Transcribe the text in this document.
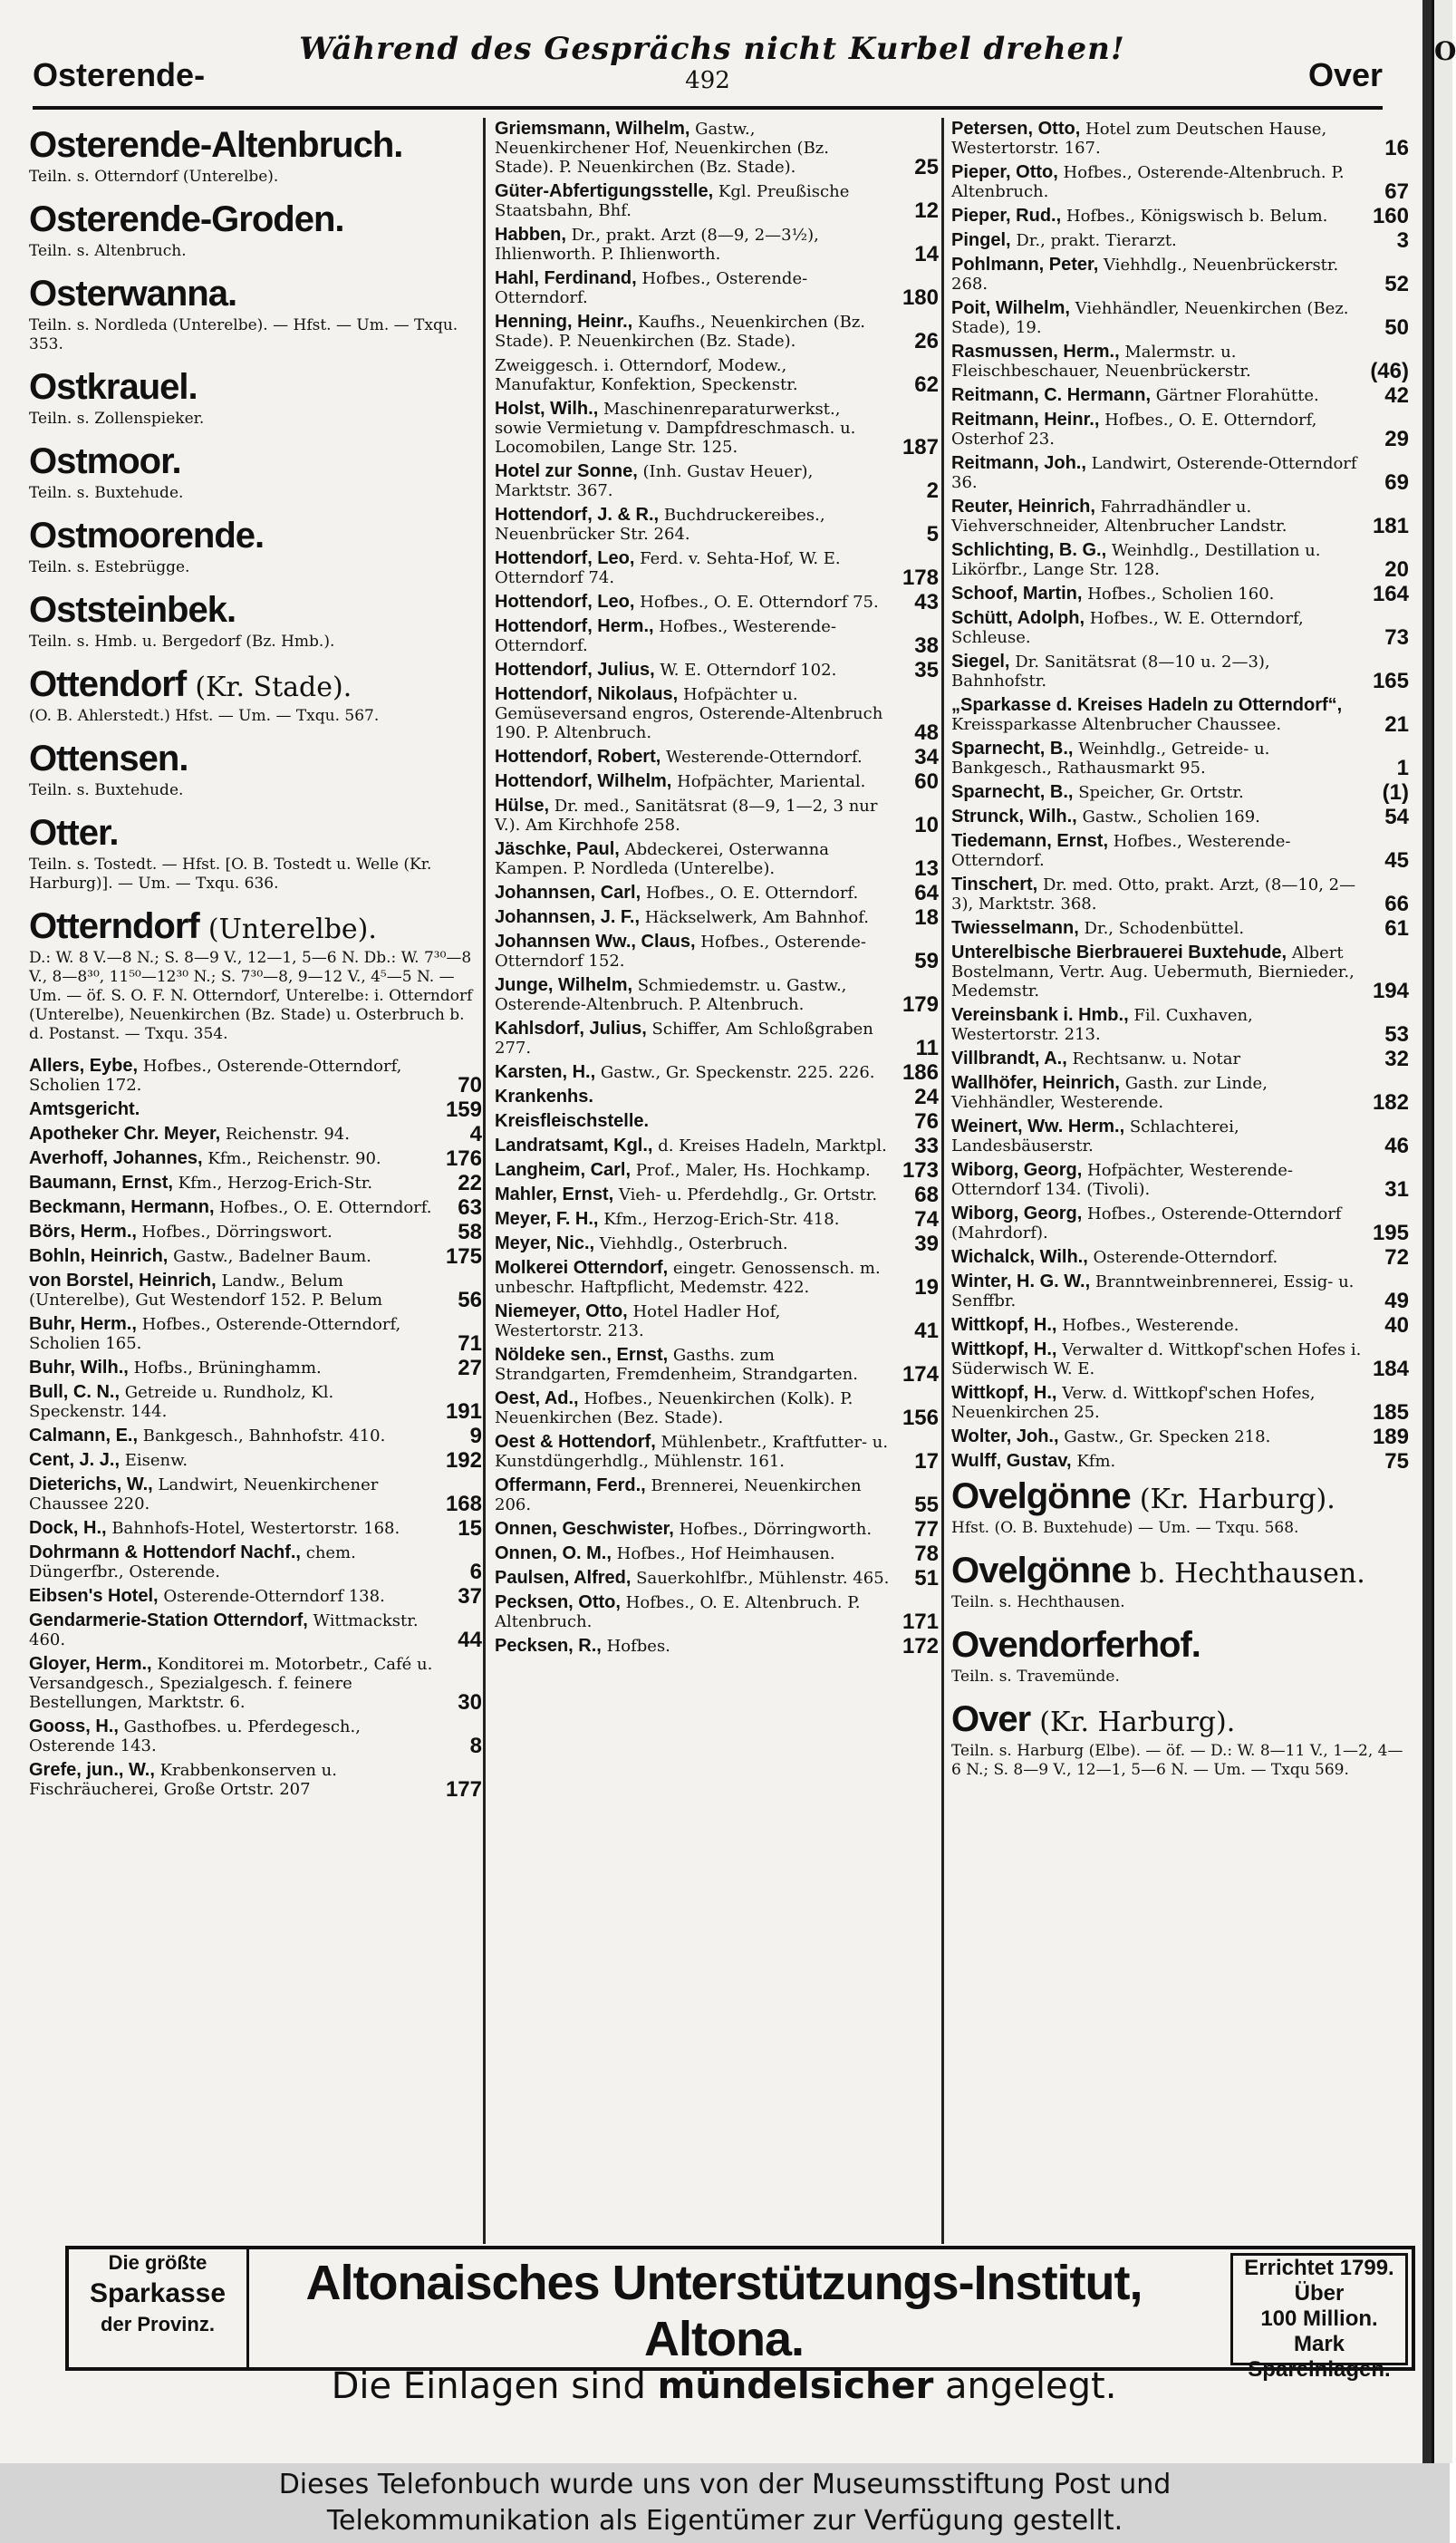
O
Osterende-
Während des Gesprächs nicht Kurbel drehen!
492	Over
Osterende-Altenbruch.
Teiln. s. Otterndorf (Unterelbe).
Osterende-Groden.
Teiln. s. Altenbruch.
Osterwanna.
Teiln. s. Nordleda (Unterelbe). — Hfst. — Um. — Txqu. 353.
Ostkrauel.
Teiln. s. Zollenspieker.
Ostmoor.
Teiln. s. Buxtehude.
Ostmoorende.
Teiln. s. Estebrügge.
Oststeinbek.
Teiln. s. Hmb. u. Bergedorf (Bz. Hmb.).
Ottendorf (Kr. Stade).
(O. B. Ahlerstedt.) Hfst. — Um. — Txqu. 567.
Ottensen.
Teiln. s. Buxtehude.
Otter.
Teiln. s. Tostedt. — Hfst. [O. B. Tostedt u. Welle (Kr. Harburg)]. — Um. — Txqu. 636.
Otterndorf (Unterelbe).
D.: W. 8 V.—8 N.; S. 8—9 V., 12—1, 5—6 N. Db.: W. 7³⁰—8 V., 8—8³⁰, 11⁵⁰—12³⁰ N.; S. 7³⁰—8, 9—12 V., 4⁵—5 N. — Um. — öf. S. O. F. N. Otterndorf, Unterelbe: i. Otterndorf (Unterelbe), Neuenkirchen (Bz. Stade) u. Osterbruch b. d. Postanst. — Txqu. 354.
Allers, Eybe, Hofbes., Osterende-Otterndorf, Scholien 172.	70
Amtsgericht.	159
Apotheker Chr. Meyer, Reichenstr. 94.	4
Averhoff, Johannes, Kfm., Reichenstr. 90.	176
Baumann, Ernst, Kfm., Herzog-Erich-Str.	22
Beckmann, Hermann, Hofbes., O. E. Otterndorf. 63
Börs, Herm., Hofbes., Dörringswort.	58
Bohln, Heinrich, Gastw., Badelner Baum.	175
von Borstel, Heinrich, Landw., Belum (Unterelbe), Gut Westendorf 152. P. Belum	56
Buhr, Herm., Hofbes., Osterende-Otterndorf, Scholien 165.	71
Buhr, Wilh., Hofbs., Brüninghamm.	27
Bull, C. N., Getreide u. Rundholz, Kl. Speckenstr. 144.	191
Calmann, E., Bankgesch., Bahnhofstr. 410.	9
Cent, J. J., Eisenw.	192
Dieterichs, W., Landwirt, Neuenkirchener Chaussee 220.	168
Dock, H., Bahnhofs-Hotel, Westertorstr. 168.	15
Dohrmann & Hottendorf Nachf., chem. Düngerfbr., Osterende.	6
Eibsen's Hotel, Osterende-Otterndorf 138.	37
Gendarmerie-Station Otterndorf, Wittmackstr. 460.	44
Gloyer, Herm., Konditorei m. Motorbetr., Café u. Versandgesch., Spezialgesch. f. feinere Bestellungen, Marktstr. 6.	30
Gooss, H., Gasthofbes. u. Pferdegesch., Osterende 143.	8
Grefe, jun., W., Krabbenkonserven u. Fischräucherei, Große Ortstr. 207	177
Griemsmann, Wilhelm, Gastw., Neuenkirchener Hof, Neuenkirchen (Bz. Stade). P. Neuenkirchen (Bz. Stade).	25
Güter-Abfertigungsstelle, Kgl. Preußische Staatsbahn, Bhf.	12
Habben, Dr., prakt. Arzt (8—9, 2—3½), Ihlienworth. P. Ihlienworth.	14
Hahl, Ferdinand, Hofbes., Osterende-Otterndorf.	180
Henning, Heinr., Kaufhs., Neuenkirchen (Bz. Stade). P. Neuenkirchen (Bz. Stade).	26
Zweiggesch. i. Otterndorf, Modew., Manufaktur, Konfektion, Speckenstr.	62
Holst, Wilh., Maschinenreparaturwerkst., sowie Vermietung v. Dampfdreschmasch. u. Locomobilen, Lange Str. 125.	187
Hotel zur Sonne, (Inh. Gustav Heuer), Marktstr. 367.	2
Hottendorf, J. & R., Buchdruckereibes., Neuenbrücker Str. 264.	5
Hottendorf, Leo, Ferd. v. Sehta-Hof, W. E. Otterndorf 74.	178
Hottendorf, Leo, Hofbes., O. E. Otterndorf 75. 43
Hottendorf, Herm., Hofbes., Westerende-Otterndorf.	38
Hottendorf, Julius, W. E. Otterndorf 102.	35
Hottendorf, Nikolaus, Hofpächter u. Gemüseversand engros, Osterende-Altenbruch 190. P. Altenbruch.	48
Hottendorf, Robert, Westerende-Otterndorf. 34
Hottendorf, Wilhelm, Hofpächter, Mariental. 60
Hülse, Dr. med., Sanitätsrat (8—9, 1—2, 3 nur V.). Am Kirchhofe 258.	10
Jäschke, Paul, Abdeckerei, Osterwanna Kampen. P. Nordleda (Unterelbe).	13
Johannsen, Carl, Hofbes., O. E. Otterndorf.	64
Johannsen, J. F., Häckselwerk, Am Bahnhof. 18
Johannsen Ww., Claus, Hofbes., Osterende-Otterndorf 152.	59
Junge, Wilhelm, Schmiedemstr. u. Gastw., Osterende-Altenbruch. P. Altenbruch.	179
Kahlsdorf, Julius, Schiffer, Am Schloßgraben 277.	11
Karsten, H., Gastw., Gr. Speckenstr. 225. 226. 186
Krankenhs.	24
Kreisfleischstelle.	76
Landratsamt, Kgl., d. Kreises Hadeln, Marktpl. 33
Langheim, Carl, Prof., Maler, Hs. Hochkamp. 173
Mahler, Ernst, Vieh- u. Pferdehdlg., Gr. Ortstr. 68
Meyer, F. H., Kfm., Herzog-Erich-Str. 418.	74
Meyer, Nic., Viehhdlg., Osterbruch.	39
Molkerei Otterndorf, eingetr. Genossensch. m. unbeschr. Haftpflicht, Medemstr. 422.	19
Niemeyer, Otto, Hotel Hadler Hof, Westertorstr. 213.	41
Nöldeke sen., Ernst, Gasths. zum Strandgarten, Fremdenheim, Strandgarten. 174
Oest, Ad., Hofbes., Neuenkirchen (Kolk). P. Neuenkirchen (Bez. Stade).	156
Oest & Hottendorf, Mühlenbetr., Kraftfutter- u. Kunstdüngerhdlg., Mühlenstr. 161.	17
Offermann, Ferd., Brennerei, Neuenkirchen 206.	55
Onnen, Geschwister, Hofbes., Dörringworth. 77
Onnen, O. M., Hofbes., Hof Heimhausen.	78
Paulsen, Alfred, Sauerkohlfbr., Mühlenstr. 465. 51
Pecksen, Otto, Hofbes., O. E. Altenbruch. P. Altenbruch.	171
Pecksen, R., Hofbes.	172
Petersen, Otto, Hotel zum Deutschen Hause, Westertorstr. 167.	16
Pieper, Otto, Hofbes., Osterende-Altenbruch. P. Altenbruch.	67
Pieper, Rud., Hofbes., Königswisch b. Belum. 160
Pingel, Dr., prakt. Tierarzt.	3
Pohlmann, Peter, Viehhdlg., Neuenbrückerstr. 268.	52
Poit, Wilhelm, Viehhändler, Neuenkirchen (Bez. Stade), 19.	50
Rasmussen, Herm., Malermstr. u. Fleischbeschauer, Neuenbrückerstr.	(46)
Reitmann, C. Hermann, Gärtner Florahütte.	42
Reitmann, Heinr., Hofbes., O. E. Otterndorf, Osterhof 23.	29
Reitmann, Joh., Landwirt, Osterende-Otterndorf 36.	69
Reuter, Heinrich, Fahrradhändler u. Viehverschneider, Altenbrucher Landstr.	181
Schlichting, B. G., Weinhdlg., Destillation u. Likörfbr., Lange Str. 128.	20
Schoof, Martin, Hofbes., Scholien 160.	164
Schütt, Adolph, Hofbes., W. E. Otterndorf, Schleuse.	73
Siegel, Dr. Sanitätsrat (8—10 u. 2—3), Bahnhofstr.	165
„Sparkasse d. Kreises Hadeln zu Otterndorf“, Kreissparkasse Altenbrucher Chaussee.	21
Sparnecht, B., Weinhdlg., Getreide- u. Bankgesch., Rathausmarkt 95.	1
Sparnecht, B., Speicher, Gr. Ortstr.	(1)
Strunck, Wilh., Gastw., Scholien 169.	54
Tiedemann, Ernst, Hofbes., Westerende-Otterndorf.	45
Tinschert, Dr. med. Otto, prakt. Arzt, (8—10, 2—3), Marktstr. 368.	66
Twiesselmann, Dr., Schodenbüttel.	61
Unterelbische Bierbrauerei Buxtehude, Albert Bostelmann, Vertr. Aug. Uebermuth, Biernieder., Medemstr.	194
Vereinsbank i. Hmb., Fil. Cuxhaven, Westertorstr. 213.	53
Villbrandt, A., Rechtsanw. u. Notar	32
Wallhöfer, Heinrich, Gasth. zur Linde, Viehhändler, Westerende.	182
Weinert, Ww. Herm., Schlachterei, Landesbäuserstr.	46
Wiborg, Georg, Hofpächter, Westerende-Otterndorf 134. (Tivoli).	31
Wiborg, Georg, Hofbes., Osterende-Otterndorf (Mahrdorf).	195
Wichalck, Wilh., Osterende-Otterndorf.	72
Winter, H. G. W., Branntweinbrennerei, Essig- u. Senffbr.	49
Wittkopf, H., Hofbes., Westerende.	40
Wittkopf, H., Verwalter d. Wittkopf'schen Hofes i. Süderwisch W. E.	184
Wittkopf, H., Verw. d. Wittkopf'schen Hofes, Neuenkirchen 25.	185
Wolter, Joh., Gastw., Gr. Specken 218.	189
Wulff, Gustav, Kfm.	75
Ovelgönne (Kr. Harburg).
Hfst. (O. B. Buxtehude) — Um. — Txqu. 568.
Ovelgönne b. Hechthausen.
Teiln. s. Hechthausen.
Ovendorferhof.
Teiln. s. Travemünde.
Over (Kr. Harburg).
Teiln. s. Harburg (Elbe). — öf. — D.: W. 8—11 V., 1—2, 4—6 N.; S. 8—9 V., 12—1, 5—6 N. — Um. — Txqu 569.
Die größte
Sparkasse
der Provinz.
Altonaisches Unterstützungs-Institut, Altona.
Die Einlagen sind mündelsicher angelegt.
Errichtet 1799.
Über
100 Million. Mark
Spareinlagen.
Dieses Telefonbuch wurde uns von der Museumsstiftung Post und
Telekommunikation als Eigentümer zur Verfügung gestellt.
